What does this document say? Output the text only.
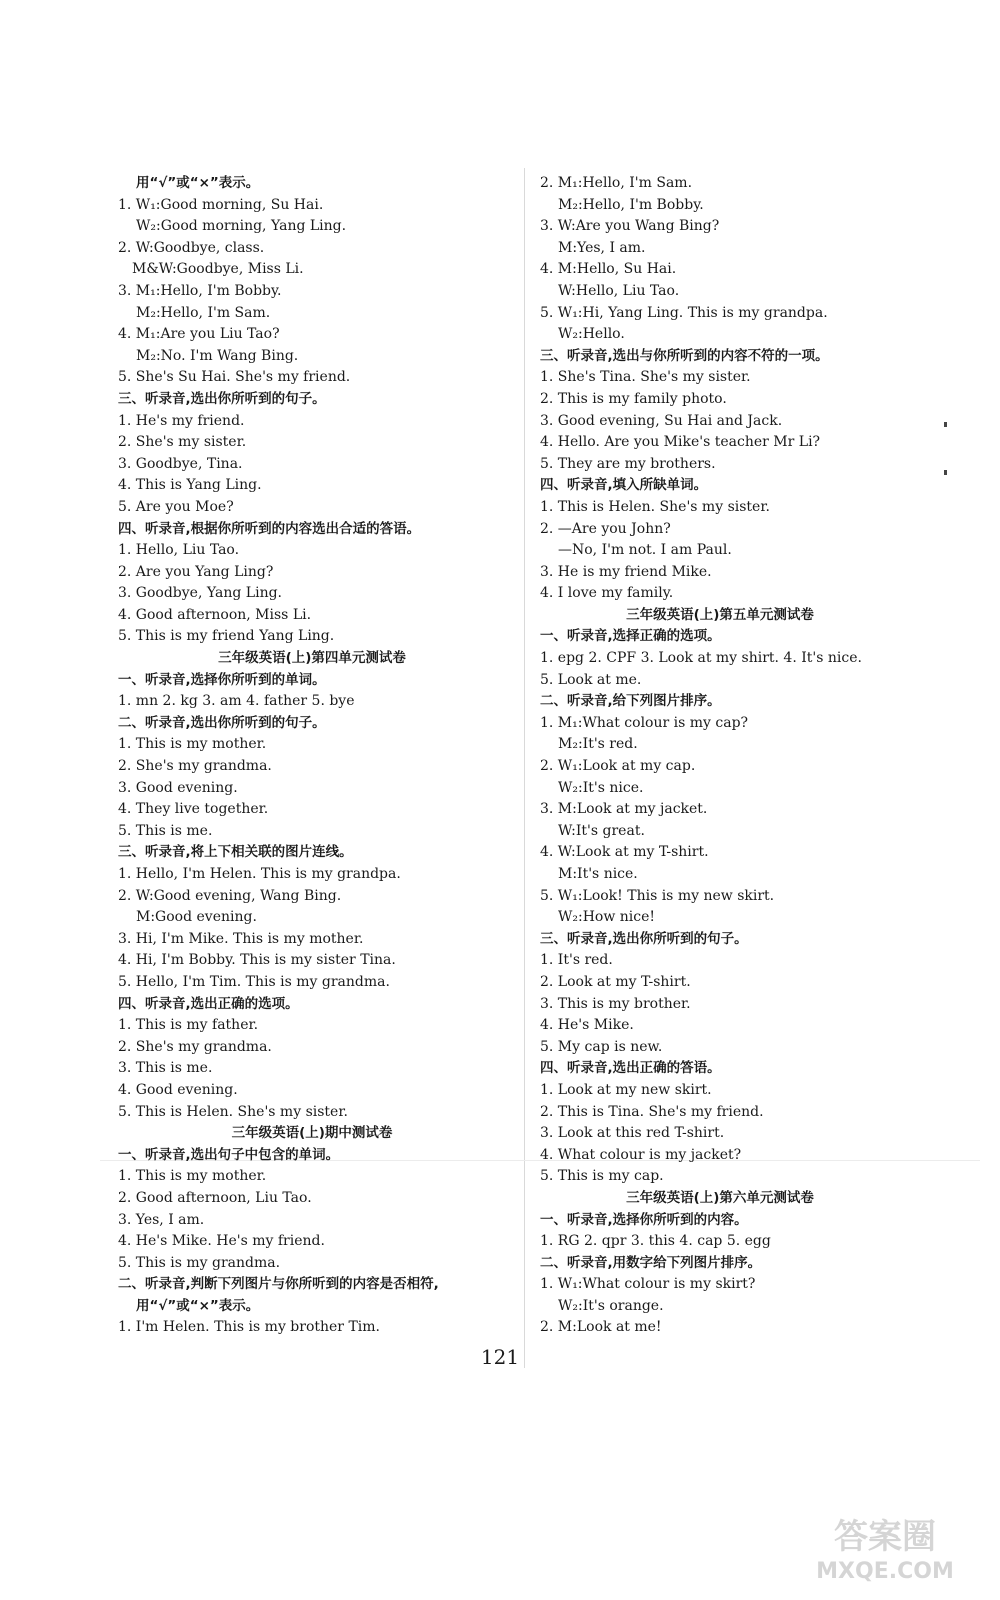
用“√”或“×”表示。
1. W₁:Good morning, Su Hai.
W₂:Good morning, Yang Ling.
2. W:Goodbye, class.
M&W:Goodbye, Miss Li.
3. M₁:Hello, I'm Bobby.
M₂:Hello, I'm Sam.
4. M₁:Are you Liu Tao?
M₂:No. I'm Wang Bing.
5. She's Su Hai. She's my friend.
三、听录音,选出你所听到的句子。
1. He's my friend.
2. She's my sister.
3. Goodbye, Tina.
4. This is Yang Ling.
5. Are you Moe?
四、听录音,根据你所听到的内容选出合适的答语。
1. Hello, Liu Tao.
2. Are you Yang Ling?
3. Goodbye, Yang Ling.
4. Good afternoon, Miss Li.
5. This is my friend Yang Ling.
三年级英语(上)第四单元测试卷
一、听录音,选择你所听到的单词。
1. mn 2. kg 3. am 4. father 5. bye
二、听录音,选出你所听到的句子。
1. This is my mother.
2. She's my grandma.
3. Good evening.
4. They live together.
5. This is me.
三、听录音,将上下相关联的图片连线。
1. Hello, I'm Helen. This is my grandpa.
2. W:Good evening, Wang Bing.
M:Good evening.
3. Hi, I'm Mike. This is my mother.
4. Hi, I'm Bobby. This is my sister Tina.
5. Hello, I'm Tim. This is my grandma.
四、听录音,选出正确的选项。
1. This is my father.
2. She's my grandma.
3. This is me.
4. Good evening.
5. This is Helen. She's my sister.
三年级英语(上)期中测试卷
一、听录音,选出句子中包含的单词。
1. This is my mother.
2. Good afternoon, Liu Tao.
3. Yes, I am.
4. He's Mike. He's my friend.
5. This is my grandma.
二、听录音,判断下列图片与你所听到的内容是否相符,
用“√”或“×”表示。
1. I'm Helen. This is my brother Tim.
2. M₁:Hello, I'm Sam.
M₂:Hello, I'm Bobby.
3. W:Are you Wang Bing?
M:Yes, I am.
4. M:Hello, Su Hai.
W:Hello, Liu Tao.
5. W₁:Hi, Yang Ling. This is my grandpa.
W₂:Hello.
三、听录音,选出与你所听到的内容不符的一项。
1. She's Tina. She's my sister.
2. This is my family photo.
3. Good evening, Su Hai and Jack.
4. Hello. Are you Mike's teacher Mr Li?
5. They are my brothers.
四、听录音,填入所缺单词。
1. This is Helen. She's my sister.
2. —Are you John?
—No, I'm not. I am Paul.
3. He is my friend Mike.
4. I love my family.
三年级英语(上)第五单元测试卷
一、听录音,选择正确的选项。
1. epg 2. CPF 3. Look at my shirt. 4. It's nice.
5. Look at me.
二、听录音,给下列图片排序。
1. M₁:What colour is my cap?
M₂:It's red.
2. W₁:Look at my cap.
W₂:It's nice.
3. M:Look at my jacket.
W:It's great.
4. W:Look at my T-shirt.
M:It's nice.
5. W₁:Look! This is my new skirt.
W₂:How nice!
三、听录音,选出你所听到的句子。
1. It's red.
2. Look at my T-shirt.
3. This is my brother.
4. He's Mike.
5. My cap is new.
四、听录音,选出正确的答语。
1. Look at my new skirt.
2. This is Tina. She's my friend.
3. Look at this red T-shirt.
4. What colour is my jacket?
5. This is my cap.
三年级英语(上)第六单元测试卷
一、听录音,选择你所听到的内容。
1. RG 2. qpr 3. this 4. cap 5. egg
二、听录音,用数字给下列图片排序。
1. W₁:What colour is my skirt?
W₂:It's orange.
2. M:Look at me!
121
答案圈
MXQE.COM
